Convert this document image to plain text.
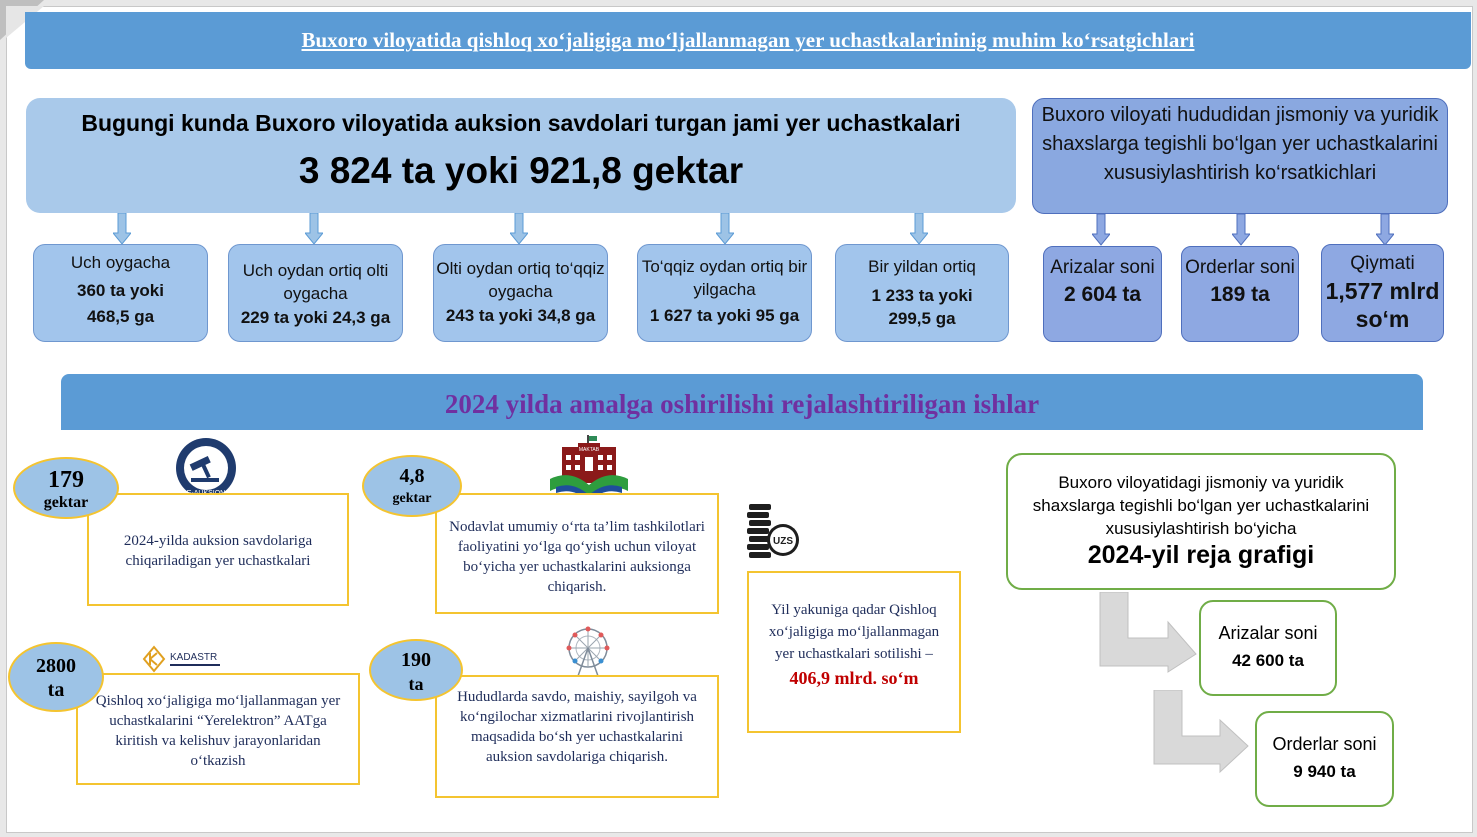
Buxoro viloyatida qishloq xo‘jaligiga mo‘ljallanmagan yer uchastkalarininig muhim ko‘rsatgichlari
Bugungi kunda Buxoro viloyatida auksion savdolari turgan jami yer uchastkalari
3 824 ta yoki 921,8 gektar
Uch oygacha
360 ta yoki
468,5 ga
Uch oydan ortiq olti oygacha
229 ta yoki 24,3 ga
Olti oydan ortiq to‘qqiz oygacha
243 ta yoki 34,8 ga
To‘qqiz oydan ortiq bir yilgacha
1 627 ta yoki 95 ga
Bir yildan ortiq
1 233 ta yoki
299,5 ga
Buxoro viloyati hududidan jismoniy va yuridik shaxslarga tegishli bo‘lgan yer uchastkalarini xususiylashtirish ko‘rsatkichlari
Arizalar soni
2 604 ta
Orderlar soni
189 ta
Qiymati
1,577 mlrd so‘m
2024 yilda amalga oshirilishi rejalashtiriligan ishlar
2024-yilda auksion savdolariga chiqariladigan yer uchastkalari
179
gektar
MAKTAB
Nodavlat umumiy o‘rta ta’lim tashkilotlari faoliyatini yo‘lga qo‘yish uchun viloyat bo‘yicha yer uchastkalarini auksionga chiqarish.
4,8
gektar
KADASTR
Qishloq xo‘jaligiga mo‘ljallanmagan yer uchastkalarini “Yerelektron” AATga kiritish va kelishuv jarayonlaridan o‘tkazish
2800
ta	Hududlarda savdo, maishiy, sayilgoh va ko‘ngilochar xizmatlarini rivojlantirish maqsadida bo‘sh yer uchastkalarini auksion savdolariga chiqarish.
190
ta
UZS
Yil yakuniga qadar Qishloq xo‘jaligiga mo‘ljallanmagan yer uchastkalari sotilishi –
406,9 mlrd. so‘m
Buxoro viloyatidagi jismoniy va yuridik shaxslarga tegishli bo‘lgan yer uchastkalarini xususiylashtirish bo‘yicha
2024-yil reja grafigi
Arizalar soni
42 600 ta
Orderlar soni
9 940 ta
